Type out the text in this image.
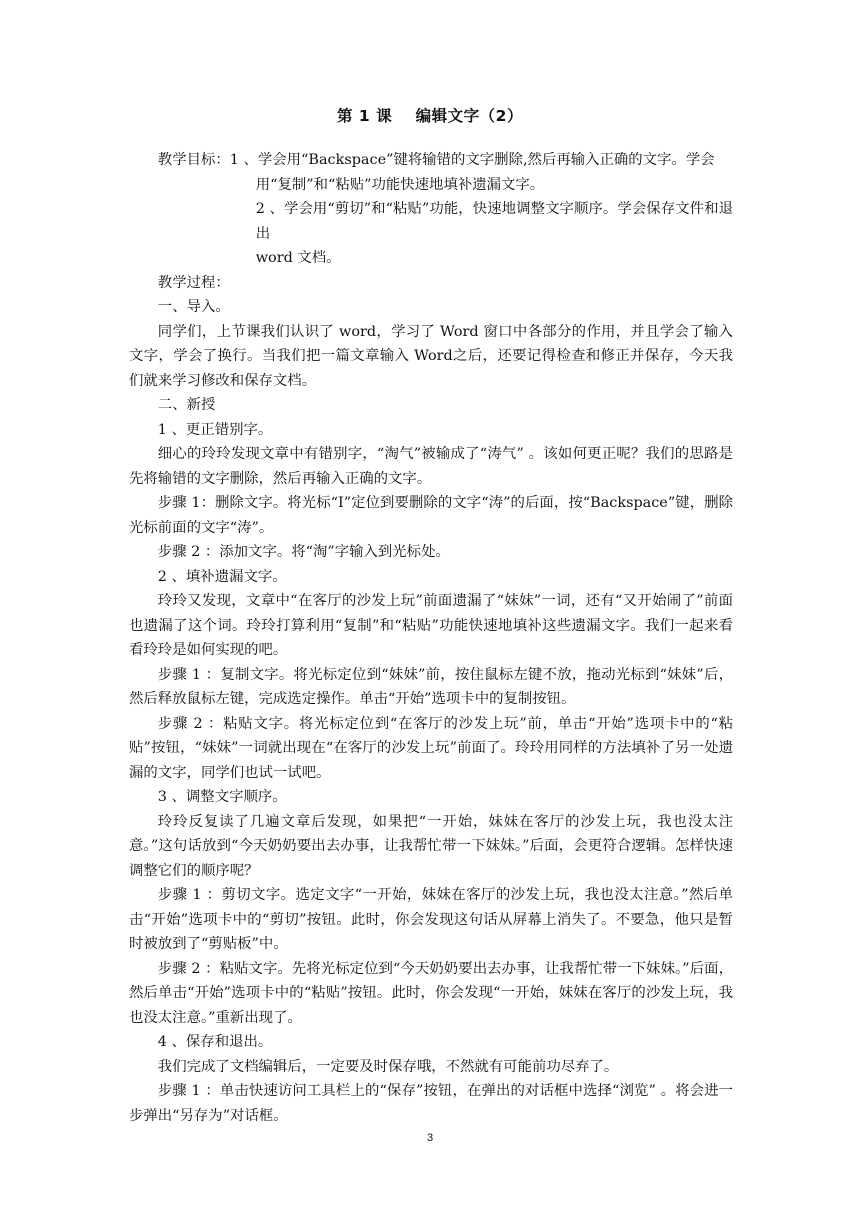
第 1 课    编辑文字（2）

教学目标：1 、学会用“Backspace”键将输错的文字删除,然后再输入正确的文字。学会

用“复制”和“粘贴”功能快速地填补遗漏文字。

2 、学会用“剪切”和“粘贴”功能，快速地调整文字顺序。学会保存文件和退出

word 文档。

教学过程：

一、导入。

同学们，上节课我们认识了 word，学习了 Word 窗口中各部分的作用，并且学会了输入文字，学会了换行。当我们把一篇文章输入 Word之后，还要记得检查和修正并保存，今天我们就来学习修改和保存文档。

二、新授

1 、更正错别字。

细心的玲玲发现文章中有错别字，“淘气”被输成了“涛气” 。该如何更正呢？我们的思路是先将输错的文字删除，然后再输入正确的文字。

步骤 1：删除文字。将光标“I”定位到要删除的文字“涛”的后面，按“Backspace”键，删除光标前面的文字“涛”。

步骤 2 ：添加文字。将“淘”字输入到光标处。

2 、填补遗漏文字。

玲玲又发现，文章中“在客厅的沙发上玩”前面遗漏了“妹妹”一词，还有“又开始闹了”前面也遗漏了这个词。玲玲打算利用“复制”和“粘贴”功能快速地填补这些遗漏文字。我们一起来看看玲玲是如何实现的吧。

步骤 1 ：复制文字。将光标定位到“妹妹”前，按住鼠标左键不放，拖动光标到“妹妹”后，然后释放鼠标左键，完成选定操作。单击“开始”选项卡中的复制按钮。

步骤 2 ：粘贴文字。将光标定位到“在客厅的沙发上玩”前，单击“开始”选项卡中的“粘贴”按钮，“妹妹”一词就出现在“在客厅的沙发上玩”前面了。玲玲用同样的方法填补了另一处遗漏的文字，同学们也试一试吧。

3 、调整文字顺序。

玲玲反复读了几遍文章后发现，如果把“一开始，妹妹在客厅的沙发上玩，我也没太注意。”这句话放到“今天奶奶要出去办事，让我帮忙带一下妹妹。”后面，会更符合逻辑。怎样快速调整它们的顺序呢？

步骤 1 ：剪切文字。选定文字“一开始，妹妹在客厅的沙发上玩，我也没太注意。”然后单击“开始”选项卡中的“剪切”按钮。此时，你会发现这句话从屏幕上消失了。不要急，他只是暂时被放到了“剪贴板”中。

步骤 2 ：粘贴文字。先将光标定位到“今天奶奶要出去办事，让我帮忙带一下妹妹。”后面，然后单击“开始”选项卡中的“粘贴”按钮。此时，你会发现“一开始，妹妹在客厅的沙发上玩，我也没太注意。”重新出现了。

4 、保存和退出。

我们完成了文档编辑后，一定要及时保存哦，不然就有可能前功尽弃了。

步骤 1 ：单击快速访问工具栏上的“保存”按钮，在弹出的对话框中选择“浏览” 。将会进一步弹出“另存为”对话框。

3
